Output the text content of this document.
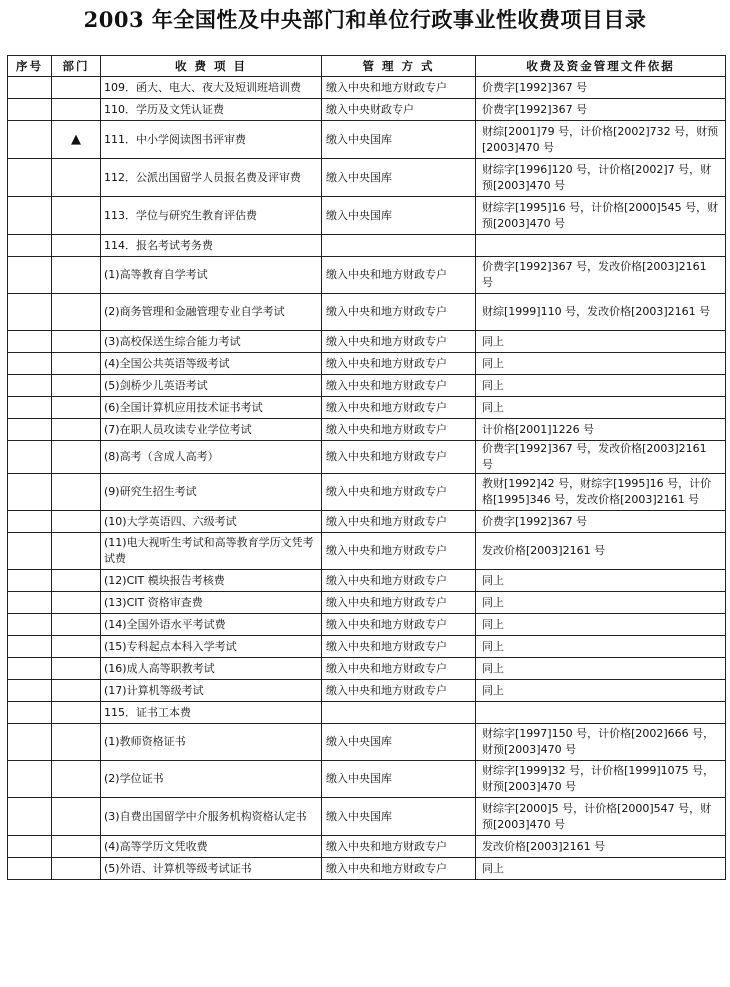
2003 年全国性及中央部门和单位行政事业性收费项目目录
序号	部门	收 费 项 目	管 理 方 式	收费及资金管理文件依据
		109．函大、电大、夜大及短训班培训费	缴入中央和地方财政专户	价费字[1992]367 号
		110．学历及文凭认证费	缴入中央财政专户	价费字[1992]367 号
	▲	111．中小学阅读图书评审费	缴入中央国库	财综[2001]79 号，计价格[2002]732 号，财预[2003]470 号
		112．公派出国留学人员报名费及评审费	缴入中央国库	财综字[1996]120 号，计价格[2002]7 号，财预[2003]470 号
		113．学位与研究生教育评估费	缴入中央国库	财综字[1995]16 号，计价格[2000]545 号，财预[2003]470 号
		114．报名考试考务费		
		(1)高等教育自学考试	缴入中央和地方财政专户	价费字[1992]367 号，发改价格[2003]2161 号
		(2)商务管理和金融管理专业自学考试	缴入中央和地方财政专户	财综[1999]110 号，发改价格[2003]2161 号
		(3)高校保送生综合能力考试	缴入中央和地方财政专户	同上
		(4)全国公共英语等级考试	缴入中央和地方财政专户	同上
		(5)剑桥少儿英语考试	缴入中央和地方财政专户	同上
		(6)全国计算机应用技术证书考试	缴入中央和地方财政专户	同上
		(7)在职人员攻读专业学位考试	缴入中央和地方财政专户	计价格[2001]1226 号
		(8)高考（含成人高考）	缴入中央和地方财政专户	价费字[1992]367 号，发改价格[2003]2161 号
		(9)研究生招生考试	缴入中央和地方财政专户	教财[1992]42 号，财综字[1995]16 号，计价格[1995]346 号，发改价格[2003]2161 号
		(10)大学英语四、六级考试	缴入中央和地方财政专户	价费字[1992]367 号
		(11)电大视听生考试和高等教育学历文凭考试费	缴入中央和地方财政专户	发改价格[2003]2161 号
		(12)CIT 模块报告考核费	缴入中央和地方财政专户	同上
		(13)CIT 资格审查费	缴入中央和地方财政专户	同上
		(14)全国外语水平考试费	缴入中央和地方财政专户	同上
		(15)专科起点本科入学考试	缴入中央和地方财政专户	同上
		(16)成人高等职教考试	缴入中央和地方财政专户	同上
		(17)计算机等级考试	缴入中央和地方财政专户	同上
		115．证书工本费		
		(1)教师资格证书	缴入中央国库	财综字[1997]150 号，计价格[2002]666 号，财预[2003]470 号
		(2)学位证书	缴入中央国库	财综字[1999]32 号，计价格[1999]1075 号，财预[2003]470 号
		(3)自费出国留学中介服务机构资格认定书	缴入中央国库	财综字[2000]5 号，计价格[2000]547 号，财预[2003]470 号
		(4)高等学历文凭收费	缴入中央和地方财政专户	发改价格[2003]2161 号
		(5)外语、计算机等级考试证书	缴入中央和地方财政专户	同上
